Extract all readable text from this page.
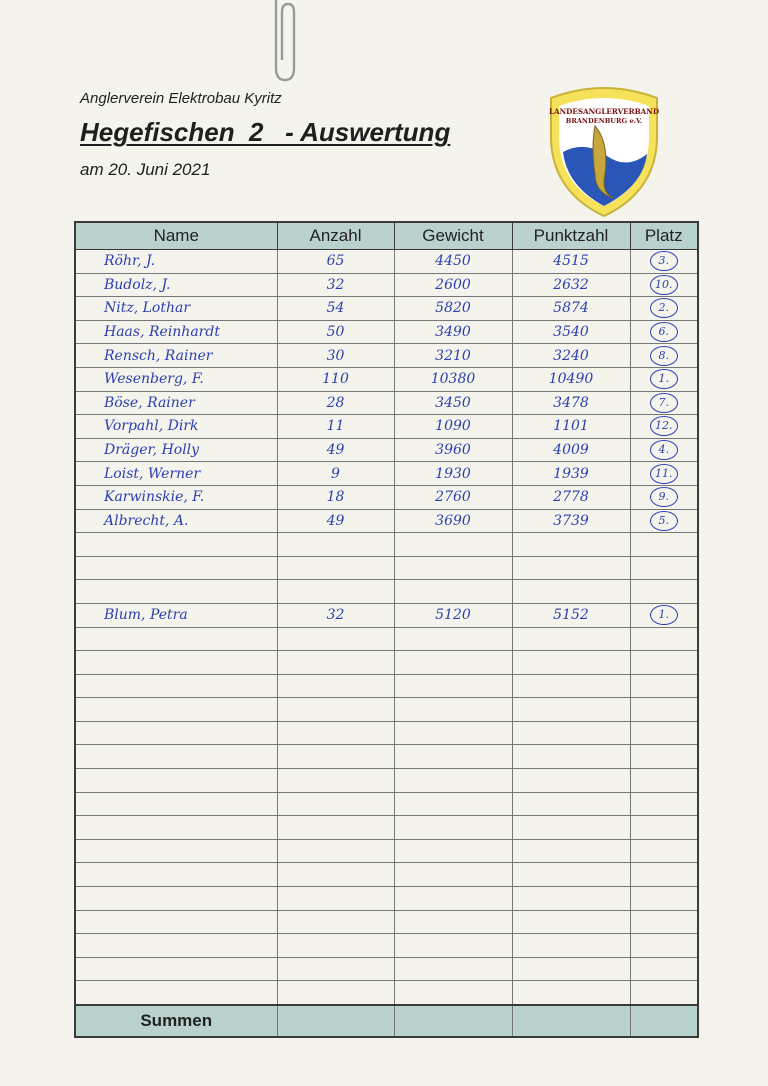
Anglerverein Elektrobau Kyritz
Hegefischen  2   - Auswertung
am 20. Juni 2021
LANDESANGLERVERBAND
BRANDENBURG e.V.
Name	Anzahl	Gewicht	Punktzahl	Platz
Röhr, J.	65	4450	4515	3.
Budolz, J.	32	2600	2632	10.
Nitz, Lothar	54	5820	5874	2.
Haas, Reinhardt	50	3490	3540	6.
Rensch, Rainer	30	3210	3240	8.
Wesenberg, F.	110	10380	10490	1.
Böse, Rainer	28	3450	3478	7.
Vorpahl, Dirk	11	1090	1101	12.
Dräger, Holly	49	3960	4009	4.
Loist, Werner	9	1930	1939	11.
Karwinskie, F.	18	2760	2778	9.
Albrecht, A.	49	3690	3739	5.

Blum, Petra	32	5120	5152	1.

Summen				
